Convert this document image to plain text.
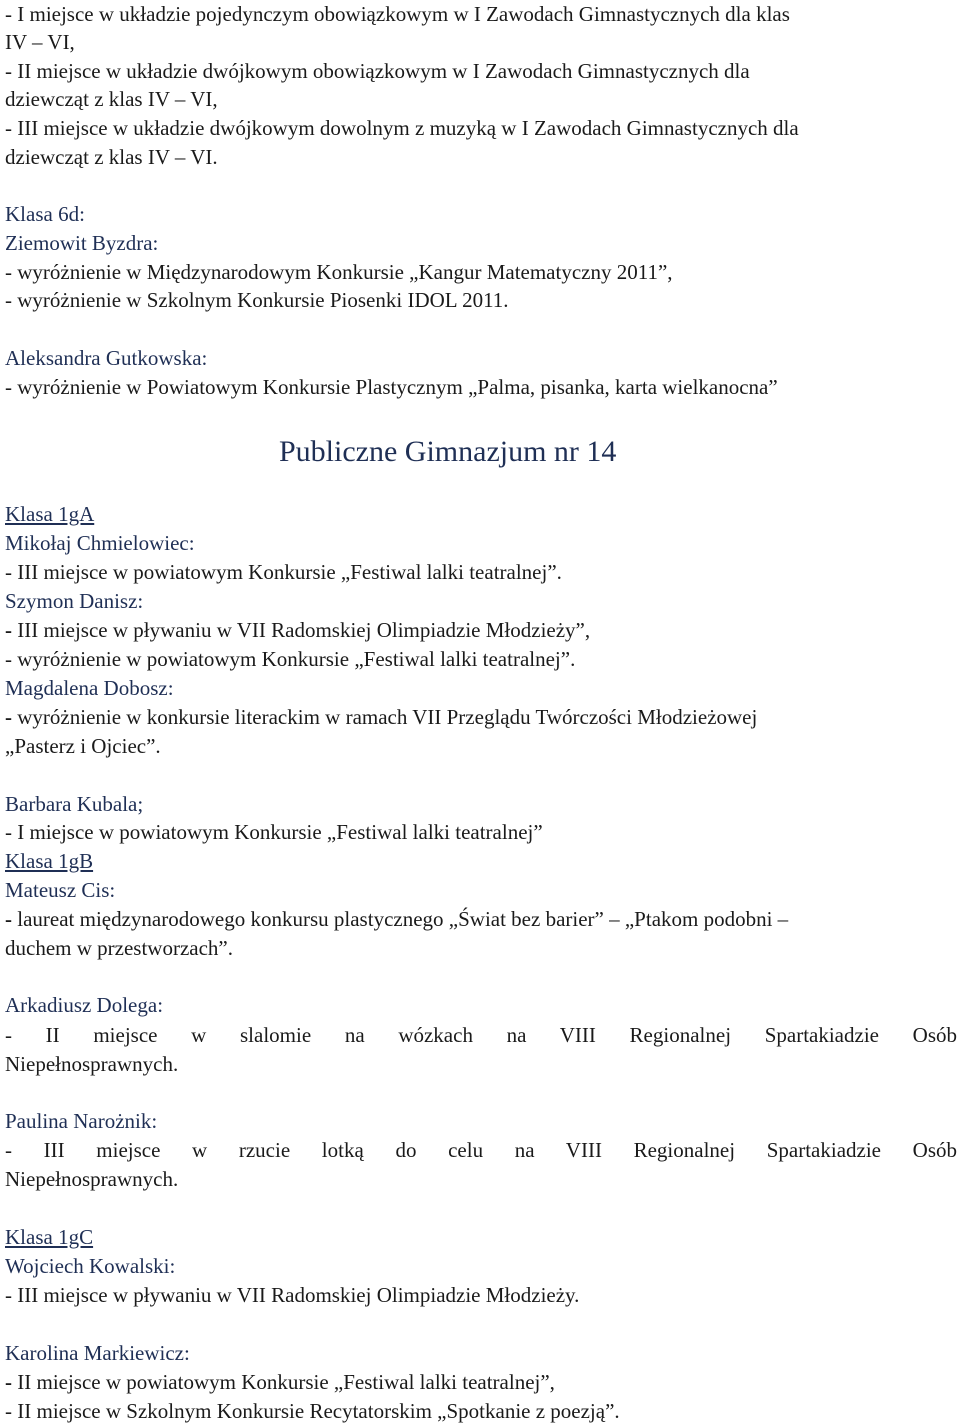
- I miejsce w układzie pojedynczym obowiązkowym w I Zawodach Gimnastycznych dla klas
IV – VI,
- II miejsce w układzie dwójkowym obowiązkowym w I Zawodach Gimnastycznych dla
dziewcząt z klas IV – VI,
- III miejsce w układzie dwójkowym dowolnym z muzyką w I Zawodach Gimnastycznych dla
dziewcząt z klas IV – VI.
Klasa 6d:
Ziemowit Byzdra:
- wyróżnienie w Międzynarodowym Konkursie „Kangur Matematyczny 2011”,
- wyróżnienie w Szkolnym Konkursie Piosenki IDOL 2011.
Aleksandra Gutkowska:
- wyróżnienie w Powiatowym Konkursie Plastycznym „Palma, pisanka, karta wielkanocna”
Publiczne Gimnazjum nr 14
Klasa 1gA
Mikołaj Chmielowiec:
- III miejsce w powiatowym Konkursie „Festiwal lalki teatralnej”.
Szymon Danisz:
- III miejsce w pływaniu w VII Radomskiej Olimpiadzie Młodzieży”,
- wyróżnienie w powiatowym Konkursie „Festiwal lalki teatralnej”.
Magdalena Dobosz:
- wyróżnienie w konkursie literackim w ramach VII Przeglądu Twórczości Młodzieżowej
„Pasterz i Ojciec”.
Barbara Kubala;
- I miejsce w powiatowym Konkursie „Festiwal lalki teatralnej”
Klasa 1gB
Mateusz Cis:
- laureat międzynarodowego konkursu plastycznego „Świat bez barier” – „Ptakom podobni –
duchem w przestworzach”.
Arkadiusz Dolega:
- II miejsce w slalomie na wózkach na VIII Regionalnej Spartakiadzie Osób
Niepełnosprawnych.
Paulina Narożnik:
- III miejsce w rzucie lotką do celu na VIII Regionalnej Spartakiadzie Osób
Niepełnosprawnych.
Klasa 1gC
Wojciech Kowalski:
- III miejsce w pływaniu w VII Radomskiej Olimpiadzie Młodzieży.
Karolina Markiewicz:
- II miejsce w powiatowym Konkursie „Festiwal lalki teatralnej”,
- II miejsce w Szkolnym Konkursie Recytatorskim „Spotkanie z poezją”.
